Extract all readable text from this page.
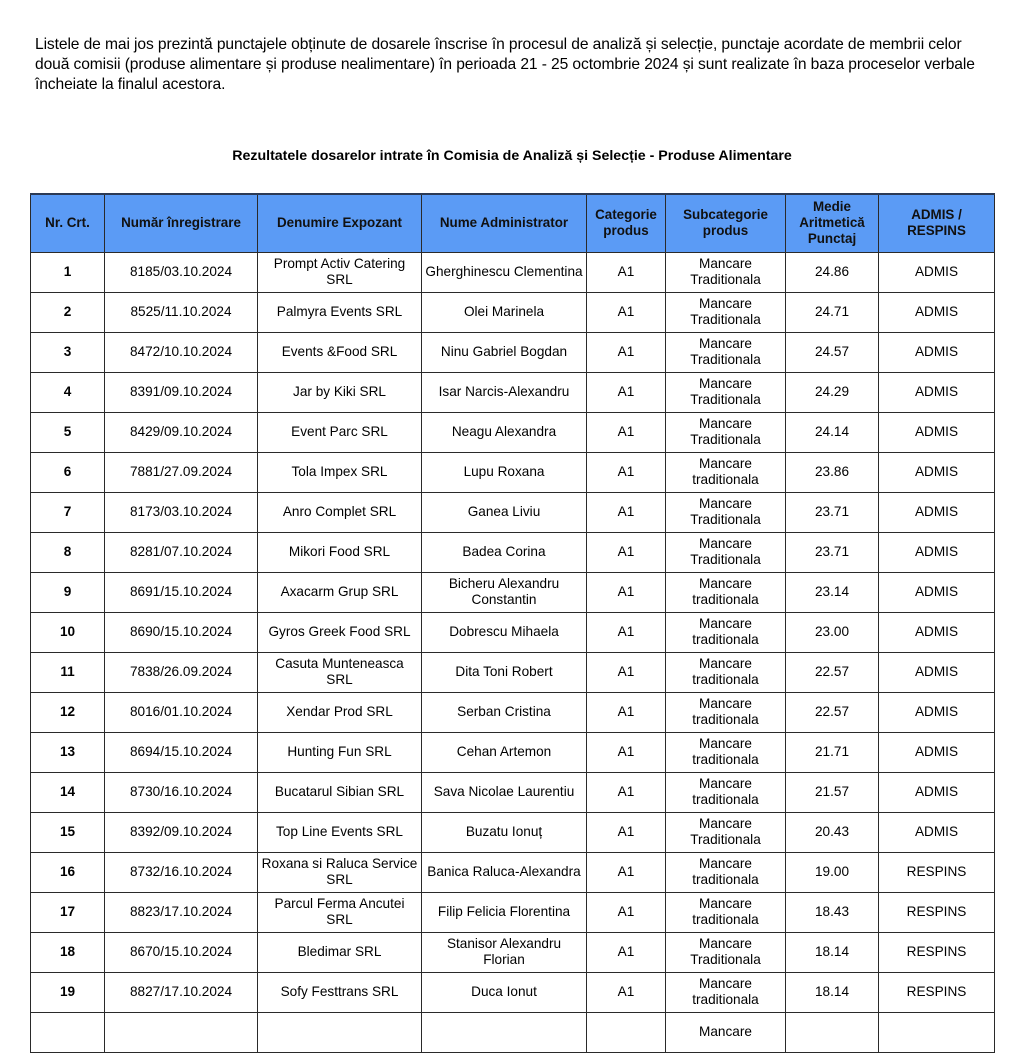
Listele de mai jos prezintă punctajele obținute de dosarele înscrise în procesul de analiză și selecție, punctaje acordate de membrii celor două comisii (produse alimentare și produse nealimentare) în perioada 21 - 25 octombrie 2024 și sunt realizate în baza proceselor verbale încheiate la finalul acestora.
Rezultatele dosarelor intrate în Comisia de Analiză și Selecție - Produse Alimentare
Nr. Crt.	Număr înregistrare	Denumire Expozant	Nume Administrator	Categorie produs	Subcategorie produs	Medie Aritmetică Punctaj	ADMIS / RESPINS
1	8185/03.10.2024	Prompt Activ Catering SRL	Gherghinescu Clementina	A1	Mancare Traditionala	24.86	ADMIS
2	8525/11.10.2024	Palmyra Events SRL	Olei Marinela	A1	Mancare Traditionala	24.71	ADMIS
3	8472/10.10.2024	Events &Food SRL	Ninu Gabriel Bogdan	A1	Mancare Traditionala	24.57	ADMIS
4	8391/09.10.2024	Jar by Kiki SRL	Isar Narcis-Alexandru	A1	Mancare Traditionala	24.29	ADMIS
5	8429/09.10.2024	Event Parc SRL	Neagu Alexandra	A1	Mancare Traditionala	24.14	ADMIS
6	7881/27.09.2024	Tola Impex SRL	Lupu Roxana	A1	Mancare traditionala	23.86	ADMIS
7	8173/03.10.2024	Anro Complet SRL	Ganea Liviu	A1	Mancare Traditionala	23.71	ADMIS
8	8281/07.10.2024	Mikori Food SRL	Badea Corina	A1	Mancare Traditionala	23.71	ADMIS
9	8691/15.10.2024	Axacarm Grup SRL	Bicheru Alexandru Constantin	A1	Mancare traditionala	23.14	ADMIS
10	8690/15.10.2024	Gyros Greek Food SRL	Dobrescu Mihaela	A1	Mancare traditionala	23.00	ADMIS
11	7838/26.09.2024	Casuta Munteneasca SRL	Dita Toni Robert	A1	Mancare traditionala	22.57	ADMIS
12	8016/01.10.2024	Xendar Prod SRL	Serban Cristina	A1	Mancare traditionala	22.57	ADMIS
13	8694/15.10.2024	Hunting Fun SRL	Cehan Artemon	A1	Mancare traditionala	21.71	ADMIS
14	8730/16.10.2024	Bucatarul Sibian SRL	Sava Nicolae Laurentiu	A1	Mancare traditionala	21.57	ADMIS
15	8392/09.10.2024	Top Line Events SRL	Buzatu Ionuț	A1	Mancare Traditionala	20.43	ADMIS
16	8732/16.10.2024	Roxana si Raluca Service SRL	Banica Raluca-Alexandra	A1	Mancare traditionala	19.00	RESPINS
17	8823/17.10.2024	Parcul Ferma Ancutei SRL	Filip Felicia Florentina	A1	Mancare traditionala	18.43	RESPINS
18	8670/15.10.2024	Bledimar SRL	Stanisor Alexandru Florian	A1	Mancare Traditionala	18.14	RESPINS
19	8827/17.10.2024	Sofy Festtrans SRL	Duca Ionut	A1	Mancare traditionala	18.14	RESPINS
					Mancare		
